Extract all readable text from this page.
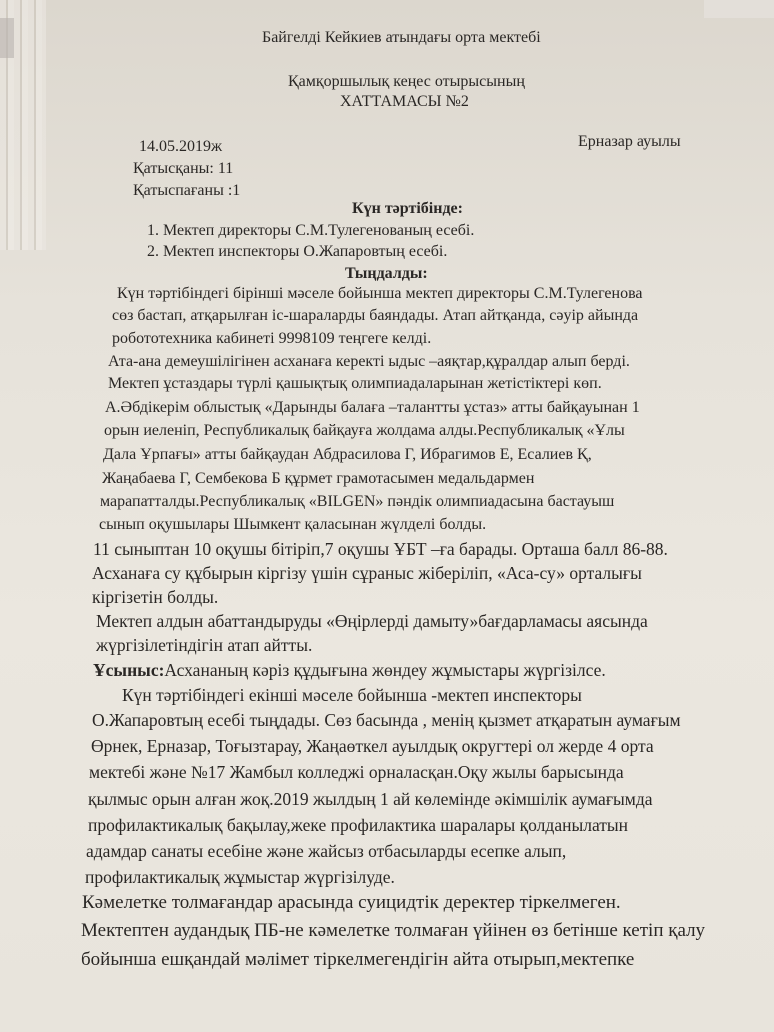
Байгелді Кейкиев атындағы орта мектебі
Қамқоршылық кеңес отырысының
ХАТТАМАСЫ №2
14.05.2019ж	Ерназар ауылы
Қатысқаны: 11
Қатыспағаны :1
Күн тәртібінде:
1. Мектеп директоры С.М.Тулегенованың есебі.
2. Мектеп инспекторы О.Жапаровтың есебі.
Тыңдалды:
Күн тәртібіндегі бірінші мәселе бойынша мектеп директоры С.М.Тулегенова
сөз бастап, атқарылған іс-шараларды баяндады. Атап айтқанда, сәуір айында
робототехника кабинеті 9998109 теңгеге келді.
Ата-ана демеушілігінен асханаға керекті ыдыс –аяқтар,құралдар алып берді.
Мектеп ұстаздары түрлі қашықтық олимпиадаларынан жетістіктері көп.
А.Әбдікерім облыстық «Дарынды балаға –талантты ұстаз» атты байқауынан 1
орын иеленіп, Республикалық байқауға жолдама алды.Республикалық «Ұлы
Дала Ұрпағы» атты байқаудан Абдрасилова Г, Ибрагимов Е, Есалиев Қ,
Жаңабаева Г, Сембекова Б құрмет грамотасымен медальдармен
марапатталды.Республикалық «BILGEN» пәндік олимпиадасына бастауыш
сынып оқушылары Шымкент қаласынан жүлделі болды.
11 сыныптан 10 оқушы бітіріп,7 оқушы ҰБТ –ға барады. Орташа балл 86-88.
Асханаға су құбырын кіргізу үшін сұраныс жіберіліп, «Аса-су» орталығы
кіргізетін болды.
Мектеп алдын абаттандыруды «Өңірлерді дамыту»бағдарламасы аясында
жүргізілетіндігін атап айтты.
Ұсыныс:Асхананың кәріз құдығына жөндеу жұмыстары жүргізілсе.
Күн тәртібіндегі екінші мәселе бойынша -мектеп инспекторы
О.Жапаровтың есебі тыңдады. Сөз басында , менің қызмет атқаратын аумағым
Өрнек, Ерназар, Тоғызтарау, Жаңаөткел ауылдық округтері ол жерде 4 орта
мектебі және №17 Жамбыл колледжі орналасқан.Оқу жылы барысында
қылмыс орын алған жоқ.2019 жылдың 1 ай көлемінде әкімшілік аумағымда
профилактикалық бақылау,жеке профилактика шаралары қолданылатын
адамдар санаты есебіне және жайсыз отбасыларды есепке алып,
профилактикалық жұмыстар жүргізілуде.
Кәмелетке толмағандар арасында суицидтік деректер тіркелмеген.
Мектептен аудандық ПБ-не кәмелетке толмаған үйінен өз бетінше кетіп қалу
бойынша ешқандай мәлімет тіркелмегендігін айта отырып,мектепке
